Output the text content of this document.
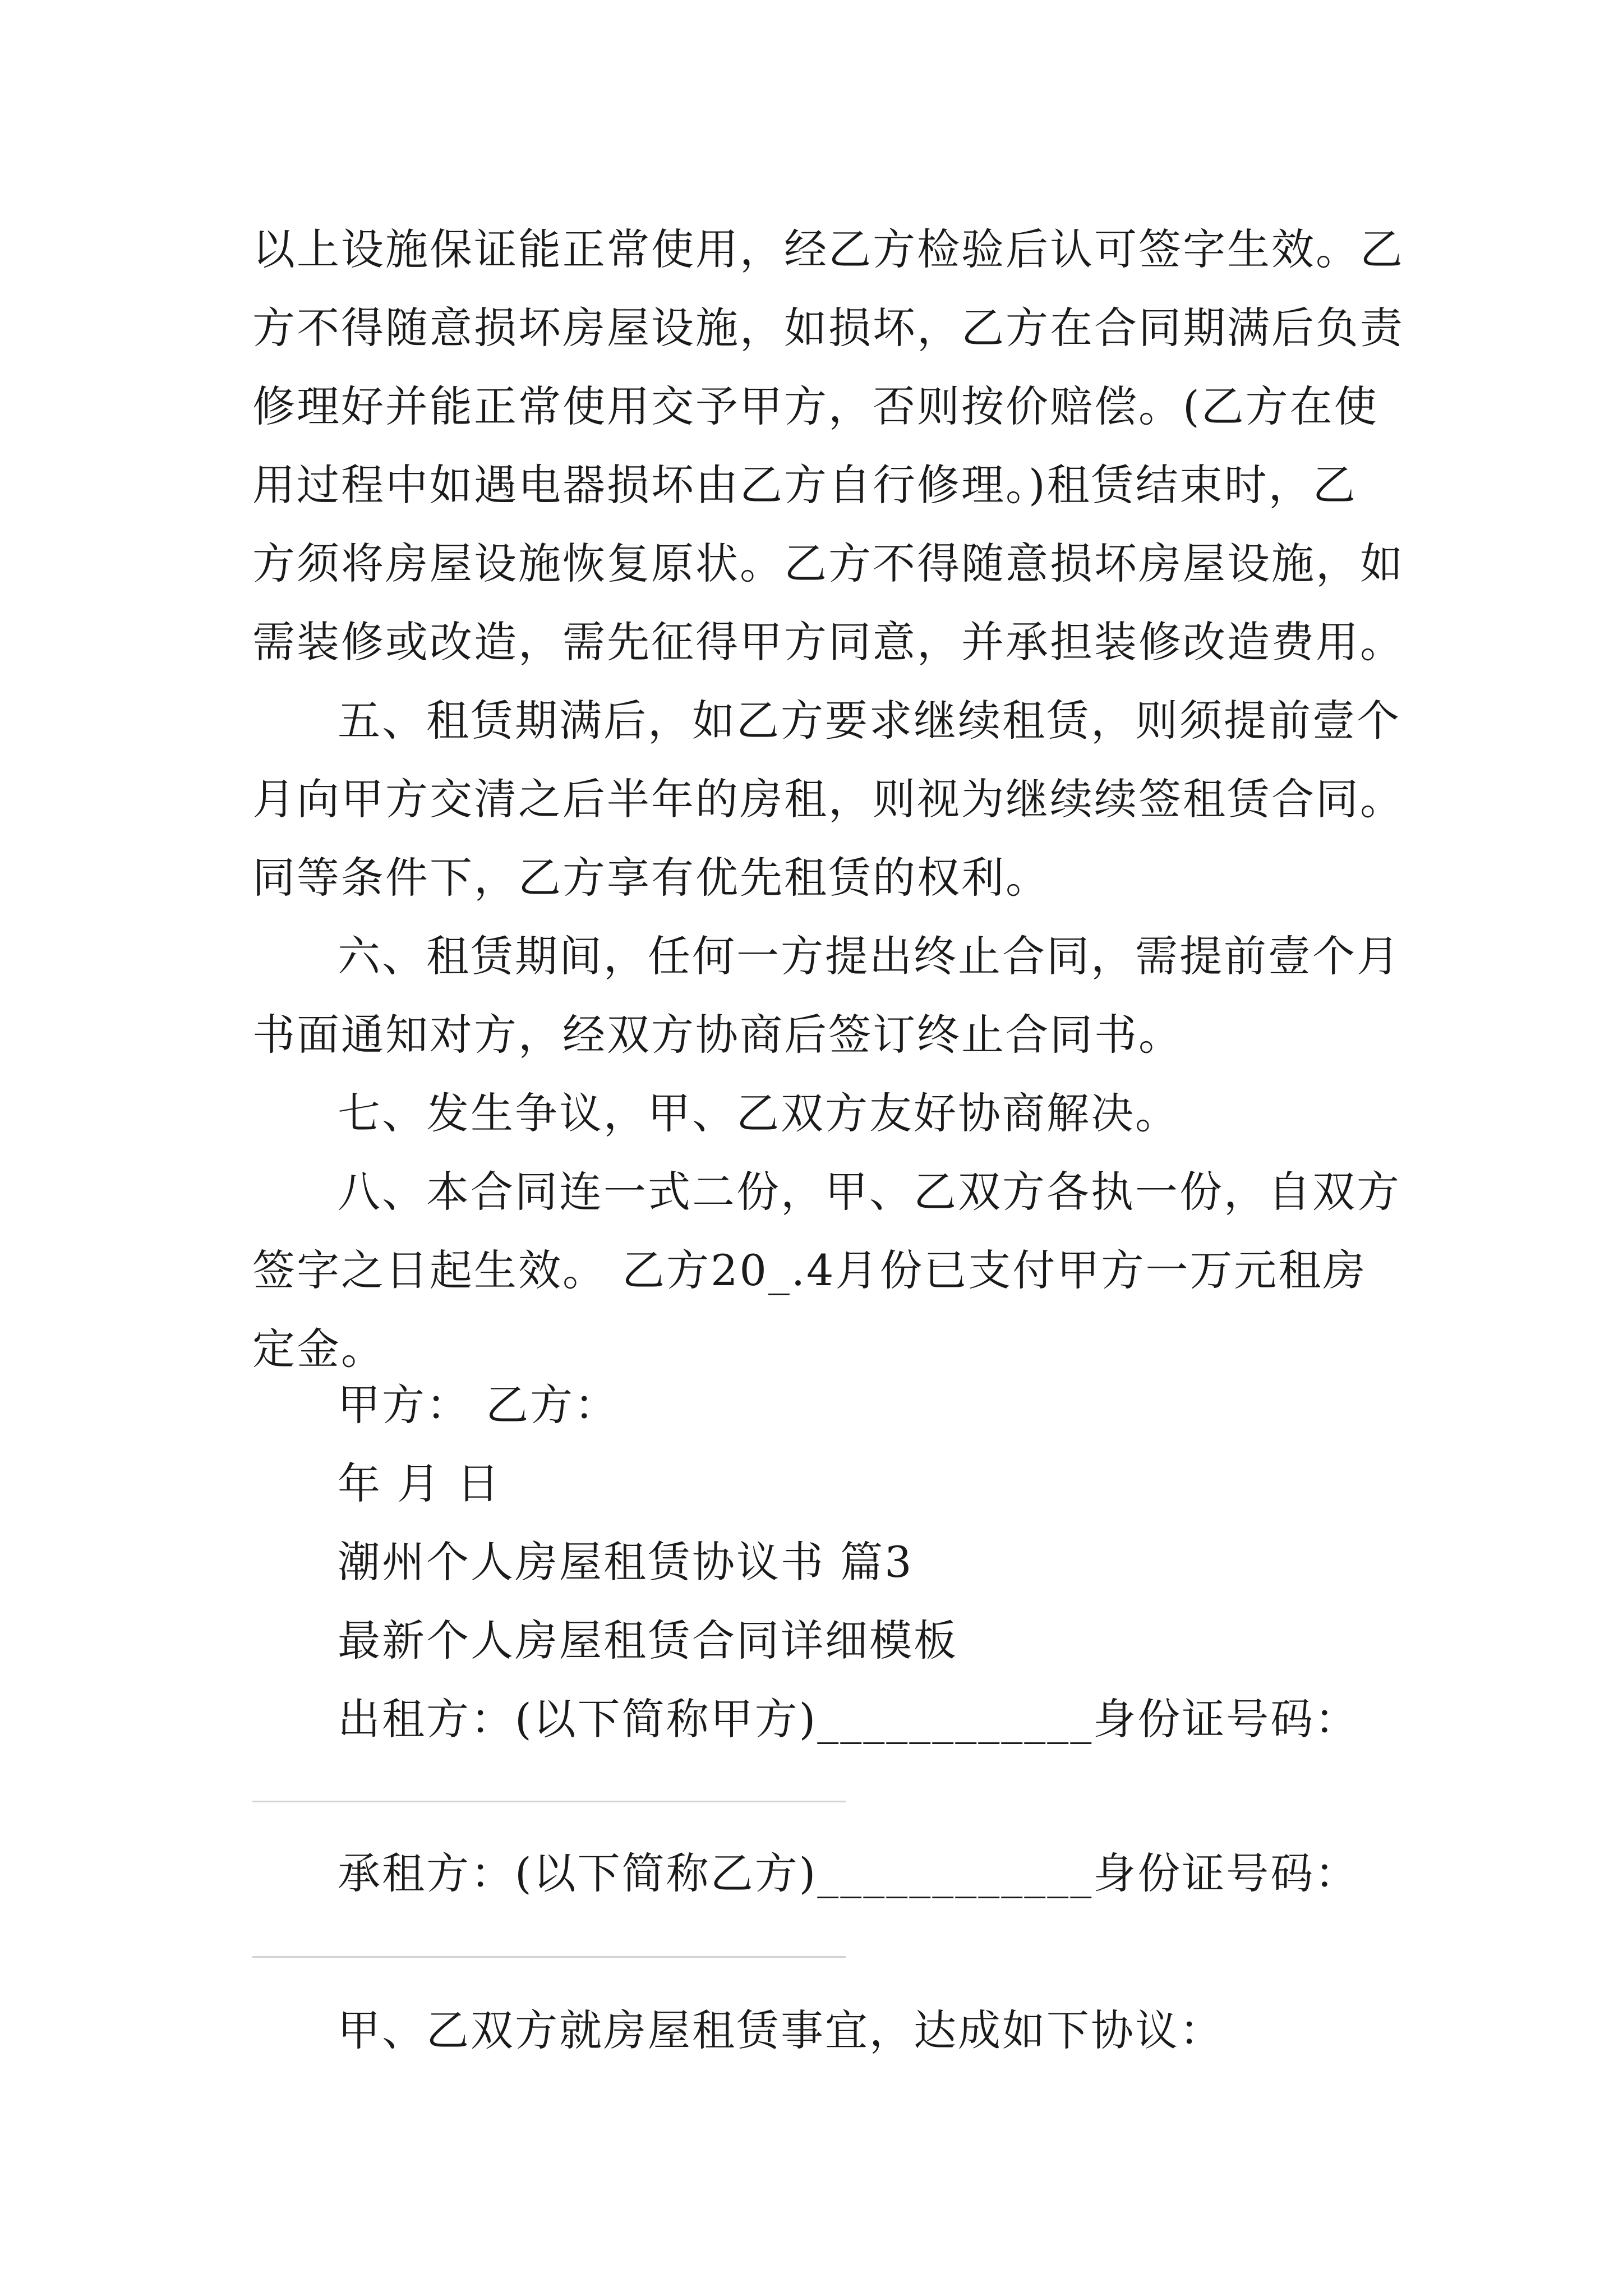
以上设施保证能正常使用，经乙方检验后认可签字生效。乙
方不得随意损坏房屋设施，如损坏，乙方在合同期满后负责
修理好并能正常使用交予甲方，否则按价赔偿。(乙方在使
用过程中如遇电器损坏由乙方自行修理。)租赁结束时，乙
方须将房屋设施恢复原状。乙方不得随意损坏房屋设施，如
需装修或改造，需先征得甲方同意，并承担装修改造费用。
五、租赁期满后，如乙方要求继续租赁，则须提前壹个
月向甲方交清之后半年的房租，则视为继续续签租赁合同。
同等条件下，乙方享有优先租赁的权利。
六、租赁期间，任何一方提出终止合同，需提前壹个月
书面通知对方，经双方协商后签订终止合同书。
七、发生争议，甲、乙双方友好协商解决。
八、本合同连一式二份，甲、乙双方各执一份，自双方
签字之日起生效。 乙方20_.4月份已支付甲方一万元租房
定金。
甲方： 乙方：
年 月 日
潮州个人房屋租赁协议书 篇3
最新个人房屋租赁合同详细模板
出租方：(以下简称甲方)____________身份证号码：
承租方：(以下简称乙方)____________身份证号码：
甲、乙双方就房屋租赁事宜，达成如下协议：
